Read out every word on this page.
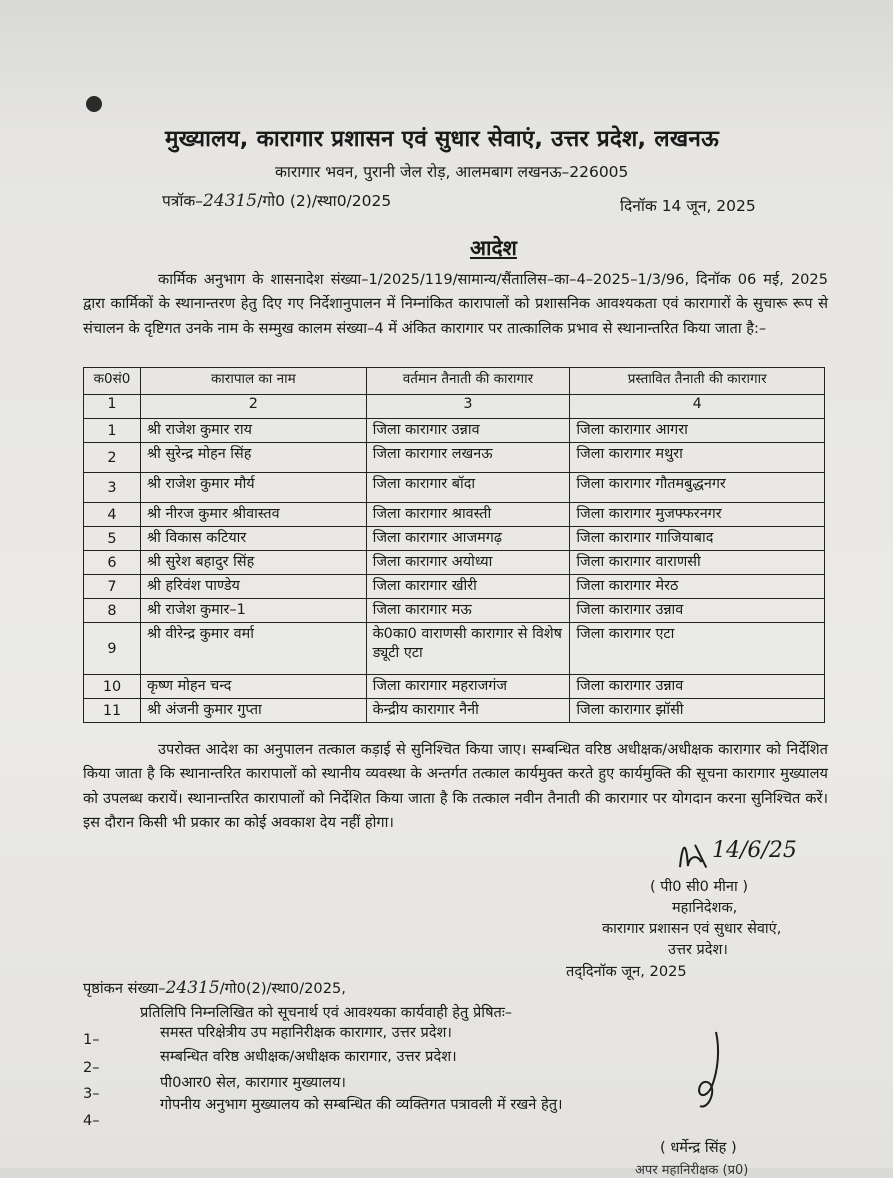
मुख्यालय, कारागार प्रशासन एवं सुधार सेवाएं, उत्तर प्रदेश, लखनऊ
कारागार भवन, पुरानी जेल रोड़, आलमबाग लखनऊ–226005
पत्रॉक–24315/गो0 (2)/स्था0/2025	दिनॉक 14 जून, 2025
आदेश
कार्मिक अनुभाग के शासनादेश संख्या–1/2025/119/सामान्य/सैंतालिस–का–4–2025–1/3/96, दिनॉक 06 मई, 2025 द्वारा कार्मिकों के स्थानान्तरण हेतु दिए गए निर्देशानुपालन में निम्नांकित कारापालों को प्रशासनिक आवश्यकता एवं कारागारों के सुचारू रूप से संचालन के दृष्टिगत उनके नाम के सम्मुख कालम संख्या–4 में अंकित कारागार पर तात्कालिक प्रभाव से स्थानान्तरित किया जाता है:–
क0सं0	कारापाल का नाम	वर्तमान तैनाती की कारागार	प्रस्तावित तैनाती की कारागार
1	2	3	4
1	श्री राजेश कुमार राय	जिला कारागार उन्नाव	जिला कारागार आगरा
2	श्री सुरेन्द्र मोहन सिंह	जिला कारागार लखनऊ	जिला कारागार मथुरा
3	श्री राजेश कुमार मौर्य	जिला कारागार बॉदा	जिला कारागार गौतमबुद्धनगर
4	श्री नीरज कुमार श्रीवास्तव	जिला कारागार श्रावस्ती	जिला कारागार मुजफ्फरनगर
5	श्री विकास कटियार	जिला कारागार आजमगढ़	जिला कारागार गाजियाबाद
6	श्री सुरेश बहादुर सिंह	जिला कारागार अयोध्या	जिला कारागार वाराणसी
7	श्री हरिवंश पाण्डेय	जिला कारागार खीरी	जिला कारागार मेरठ
8	श्री राजेश कुमार–1	जिला कारागार मऊ	जिला कारागार उन्नाव
9	श्री वीरेन्द्र कुमार वर्मा	के0का0 वाराणसी कारागार से विशेष ड्यूटी एटा	जिला कारागार एटा
10	कृष्ण मोहन चन्द	जिला कारागार महराजगंज	जिला कारागार उन्नाव
11	श्री अंजनी कुमार गुप्ता	केन्द्रीय कारागार नैनी	जिला कारागार झॉसी
उपरोक्त आदेश का अनुपालन तत्काल कड़ाई से सुनिश्चित किया जाए। सम्बन्धित वरिष्ठ अधीक्षक/अधीक्षक कारागार को निर्देशित किया जाता है कि स्थानान्तरित कारापालों को स्थानीय व्यवस्था के अन्तर्गत तत्काल कार्यमुक्त करते हुए कार्यमुक्ति की सूचना कारागार मुख्यालय को उपलब्ध करायें। स्थानान्तरित कारापालों को निर्देशित किया जाता है कि तत्काल नवीन तैनाती की कारागार पर योगदान करना सुनिश्चित करें। इस दौरान किसी भी प्रकार का कोई अवकाश देय नहीं होगा।
14/6/25
( पी0 सी0 मीना )
महानिदेशक,
कारागार प्रशासन एवं सुधार सेवाएं,
उत्तर प्रदेश।
पृष्ठांकन संख्या–24315/गो0(2)/स्था0/2025,
तद्‌दिनॉक जून, 2025
प्रतिलिपि निम्नलिखित को सूचनार्थ एवं आवश्यका कार्यवाही हेतु प्रेषितः–
1–	समस्त परिक्षेत्रीय उप महानिरीक्षक कारागार, उत्तर प्रदेश।
2–
सम्बन्धित वरिष्ठ अधीक्षक/अधीक्षक कारागार, उत्तर प्रदेश।
3–
पी0आर0 सेल, कारागार मुख्यालय।
4–
गोपनीय अनुभाग मुख्यालय को सम्बन्धित की व्यक्तिगत पत्रावली में रखने हेतु।
( धर्मेन्द्र सिंह )
अपर महानिरीक्षक (प्र0)
